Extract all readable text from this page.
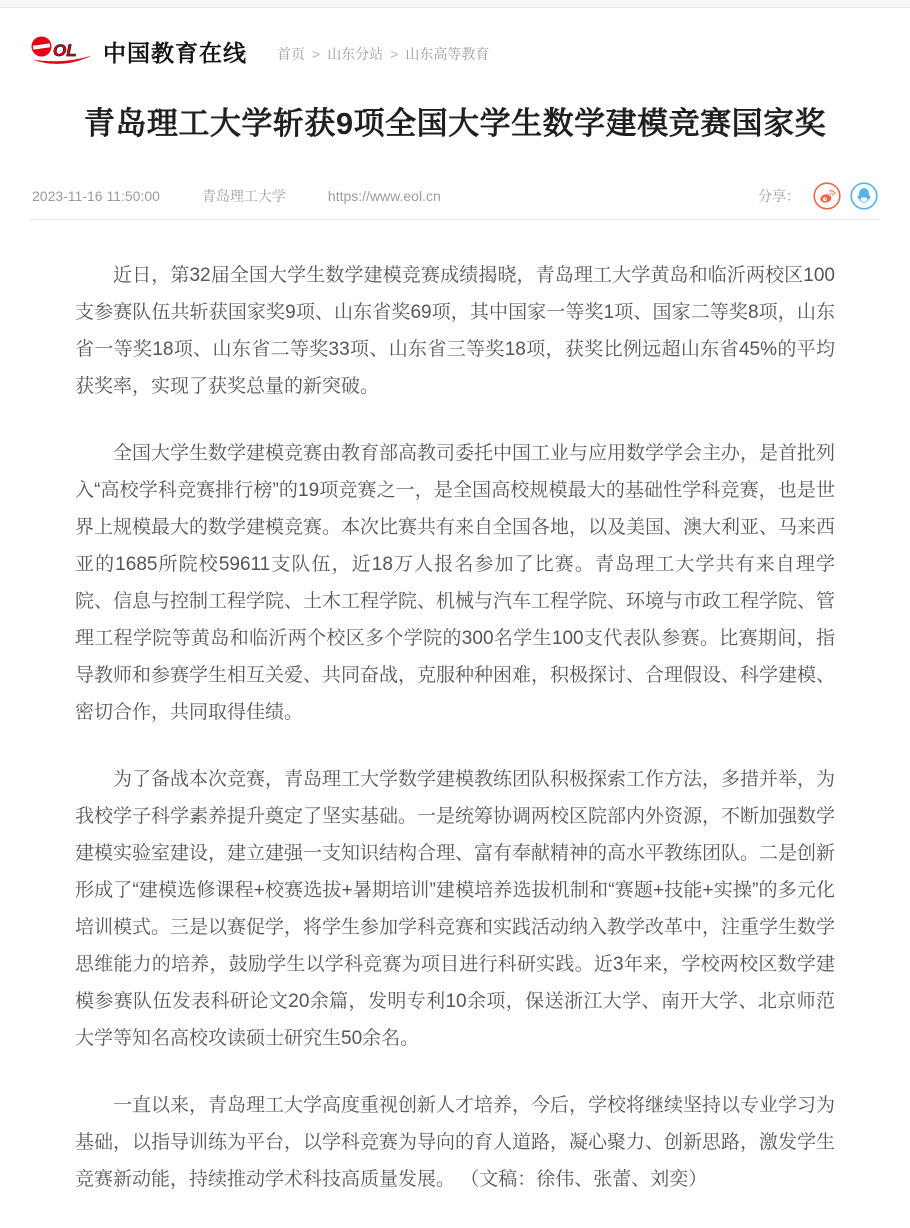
OL 中国教育在线 首页 > 山东分站 > 山东高等教育
青岛理工大学斩获9项全国大学生数学建模竞赛国家奖
2023-11-16 11:50:00	青岛理工大学	https://www.eol.cn	分享：

近日，第32届全国大学生数学建模竞赛成绩揭晓，青岛理工大学黄岛和临沂两校区100支参赛队伍共斩获国家奖9项、山东省奖69项，其中国家一等奖1项、国家二等奖8项，山东省一等奖18项、山东省二等奖33项、山东省三等奖18项，获奖比例远超山东省45%的平均获奖率，实现了获奖总量的新突破。

全国大学生数学建模竞赛由教育部高教司委托中国工业与应用数学学会主办，是首批列入“高校学科竞赛排行榜”的19项竞赛之一，是全国高校规模最大的基础性学科竞赛，也是世界上规模最大的数学建模竞赛。本次比赛共有来自全国各地，以及美国、澳大利亚、马来西亚的1685所院校59611支队伍，近18万人报名参加了比赛。青岛理工大学共有来自理学院、信息与控制工程学院、土木工程学院、机械与汽车工程学院、环境与市政工程学院、管理工程学院等黄岛和临沂两个校区多个学院的300名学生100支代表队参赛。比赛期间，指导教师和参赛学生相互关爱、共同奋战，克服种种困难，积极探讨、合理假设、科学建模、密切合作，共同取得佳绩。

为了备战本次竞赛，青岛理工大学数学建模教练团队积极探索工作方法，多措并举，为我校学子科学素养提升奠定了坚实基础。一是统筹协调两校区院部内外资源，不断加强数学建模实验室建设，建立建强一支知识结构合理、富有奉献精神的高水平教练团队。二是创新形成了“建模选修课程+校赛选拔+暑期培训”建模培养选拔机制和“赛题+技能+实操”的多元化培训模式。三是以赛促学，将学生参加学科竞赛和实践活动纳入教学改革中，注重学生数学思维能力的培养，鼓励学生以学科竞赛为项目进行科研实践。近3年来，学校两校区数学建模参赛队伍发表科研论文20余篇，发明专利10余项，保送浙江大学、南开大学、北京师范大学等知名高校攻读硕士研究生50余名。

一直以来，青岛理工大学高度重视创新人才培养，今后，学校将继续坚持以专业学习为基础，以指导训练为平台，以学科竞赛为导向的育人道路，凝心聚力、创新思路，激发学生竞赛新动能，持续推动学术科技高质量发展。 （文稿：徐伟、张蕾、刘奕）
